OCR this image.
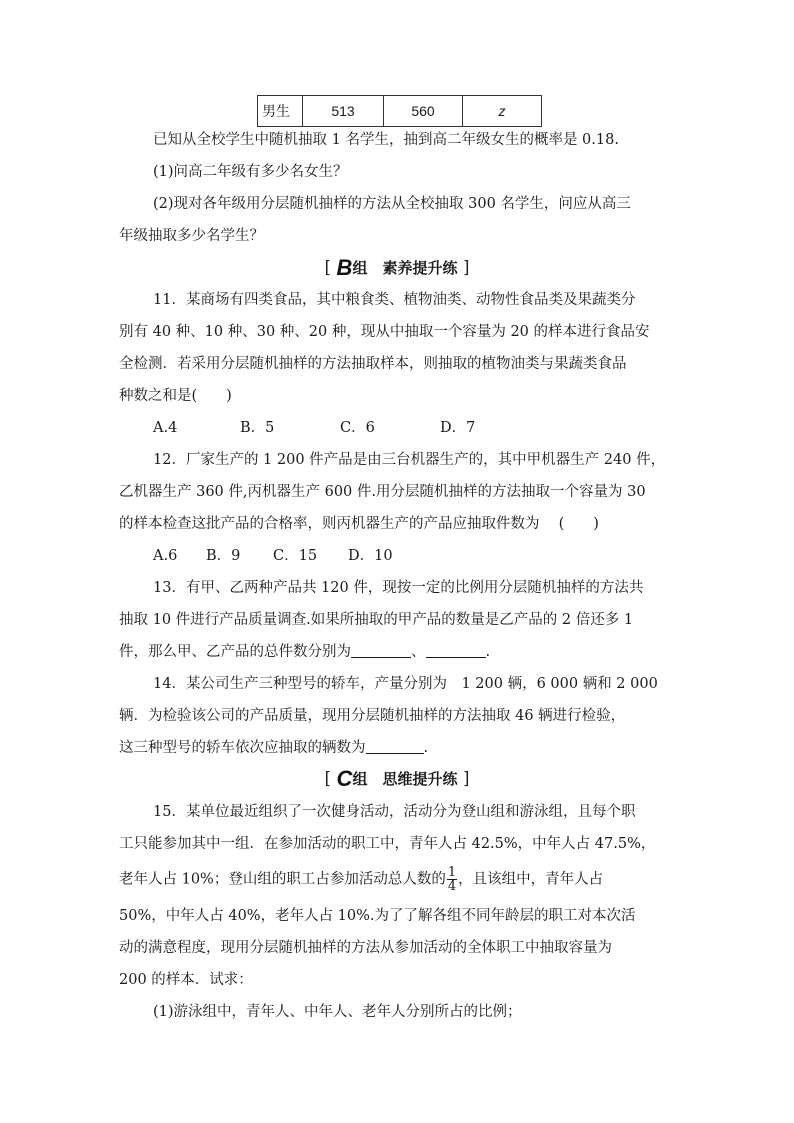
男生	513	560	z
已知从全校学生中随机抽取 1 名学生，抽到高二年级女生的概率是 0.18.
(1)问高二年级有多少名女生？
(2)现对各年级用分层随机抽样的方法从全校抽取 300 名学生，问应从高三
年级抽取多少名学生？
[ B组　素养提升练 ]
11．某商场有四类食品，其中粮食类、植物油类、动物性食品类及果蔬类分
别有 40 种、10 种、30 种、20 种，现从中抽取一个容量为 20 的样本进行食品安
全检测．若采用分层随机抽样的方法抽取样本，则抽取的植物油类与果蔬类食品
种数之和是(　　)
A.4	B．5	C．6	D．7
12．厂家生产的 1 200 件产品是由三台机器生产的，其中甲机器生产 240 件，
乙机器生产 360 件,丙机器生产 600 件.用分层随机抽样的方法抽取一个容量为 30
的样本检查这批产品的合格率，则丙机器生产的产品应抽取件数为　 (　　)
A.6 B．9 C．15 D．10
13．有甲、乙两种产品共 120 件，现按一定的比例用分层随机抽样的方法共
抽取 10 件进行产品质量调查.如果所抽取的甲产品的数量是乙产品的 2 倍还多 1
件，那么甲、乙产品的总件数分别为	、	.
14．某公司生产三种型号的轿车，产量分别为　1 200 辆，6 000 辆和 2 000
辆．为检验该公司的产品质量，现用分层随机抽样的方法抽取 46 辆进行检验，
这三种型号的轿车依次应抽取的辆数为	.
[ C组　思维提升练 ]
15．某单位最近组织了一次健身活动，活动分为登山组和游泳组，且每个职
工只能参加其中一组．在参加活动的职工中，青年人占 42.5%，中年人占 47.5%，
老年人占 10%；登山组的职工占参加活动总人数的 $\frac{1}{4}$ ，且该组中，青年人占
50%，中年人占 40%，老年人占 10%.为了了解各组不同年龄层的职工对本次活
动的满意程度，现用分层随机抽样的方法从参加活动的全体职工中抽取容量为
200 的样本．试求：
(1)游泳组中，青年人、中年人、老年人分别所占的比例；
